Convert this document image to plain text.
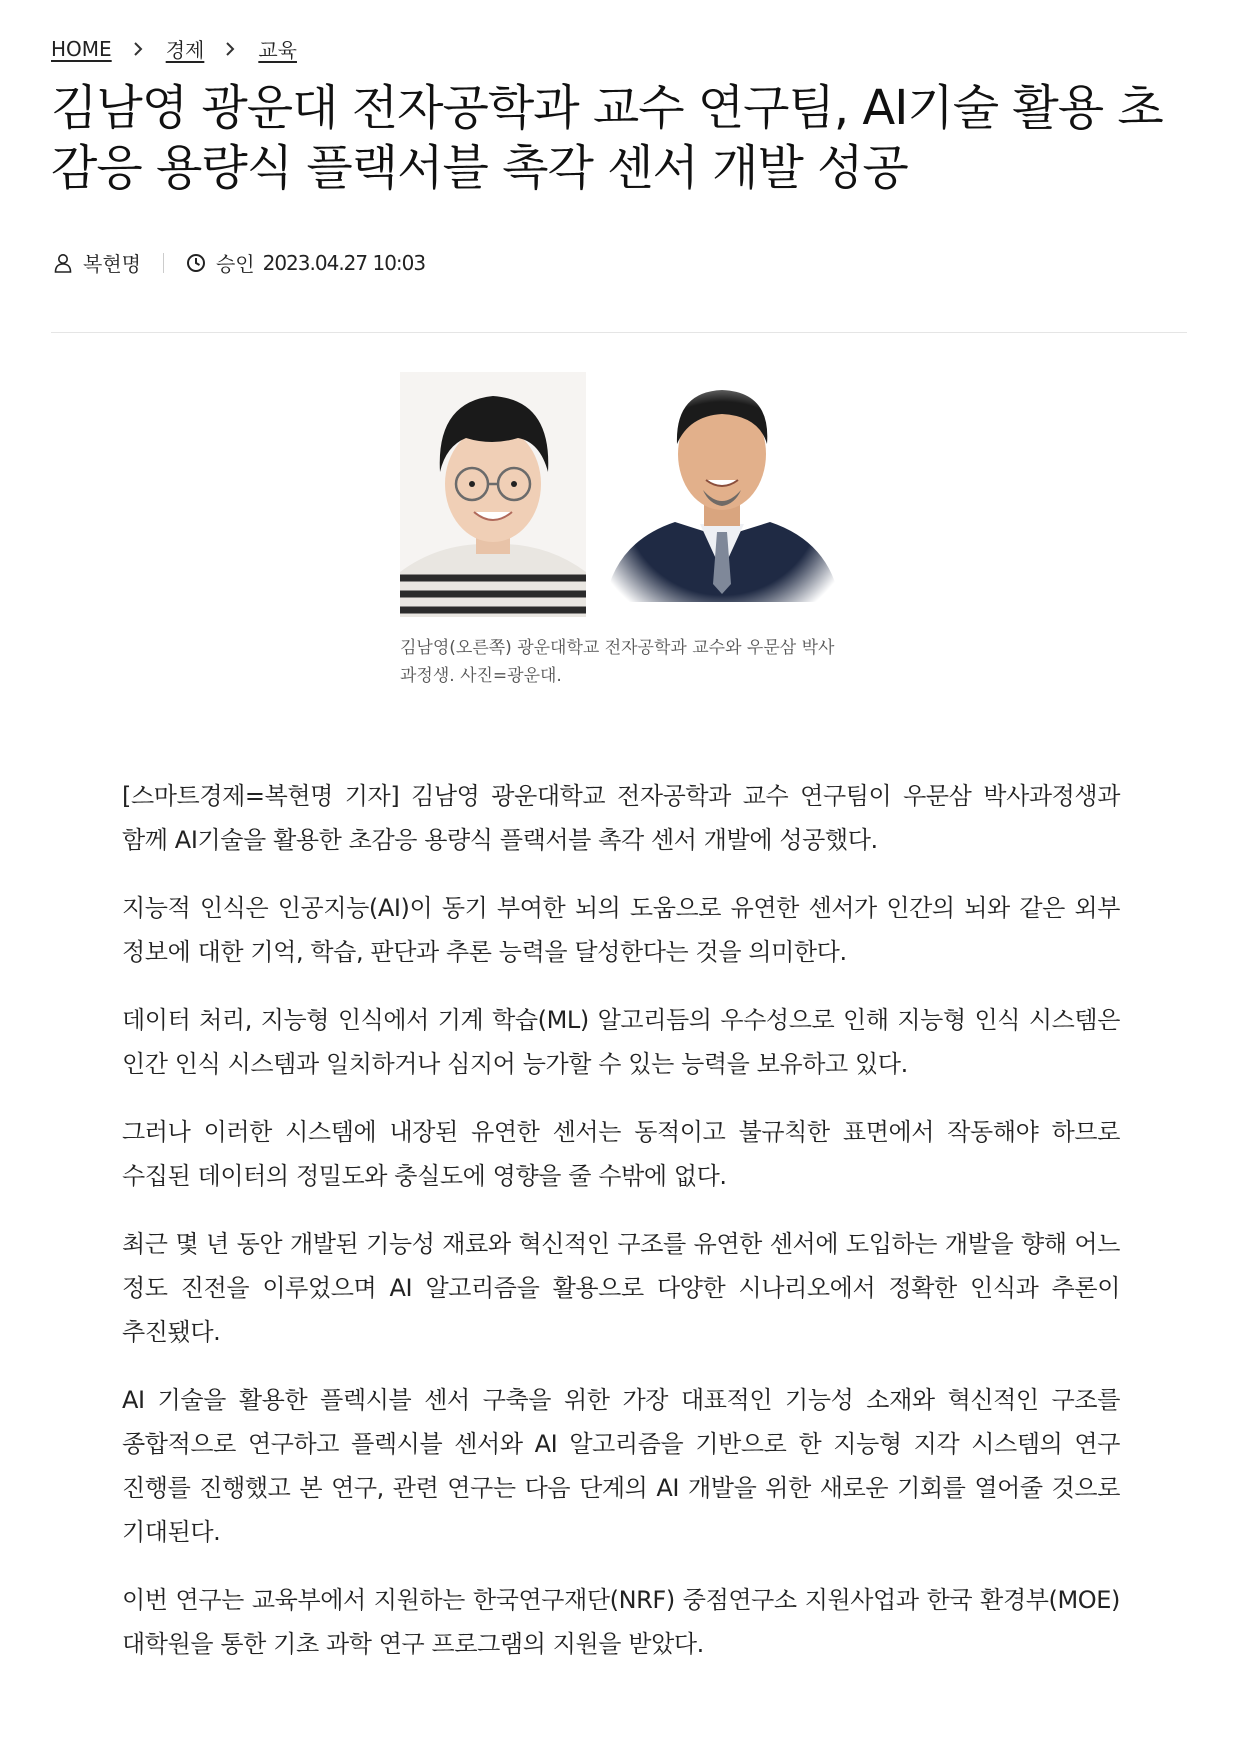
HOME	경제	교육
김남영 광운대 전자공학과 교수 연구팀, AI기술 활용 초감응 용량식 플랙서블 촉각 센서 개발 성공
복현명	승인 2023.04.27 10:03

김남영(오른쪽) 광운대학교 전자공학과 교수와 우문삼 박사과정생. 사진=광운대.

[스마트경제=복현명 기자] 김남영 광운대학교 전자공학과 교수 연구팀이 우문삼 박사과정생과 함께 AI기술을 활용한 초감응 용량식 플랙서블 촉각 센서 개발에 성공했다.

지능적 인식은 인공지능(AI)이 동기 부여한 뇌의 도움으로 유연한 센서가 인간의 뇌와 같은 외부 정보에 대한 기억, 학습, 판단과 추론 능력을 달성한다는 것을 의미한다.

데이터 처리, 지능형 인식에서 기계 학습(ML) 알고리듬의 우수성으로 인해 지능형 인식 시스템은 인간 인식 시스템과 일치하거나 심지어 능가할 수 있는 능력을 보유하고 있다.

그러나 이러한 시스템에 내장된 유연한 센서는 동적이고 불규칙한 표면에서 작동해야 하므로 수집된 데이터의 정밀도와 충실도에 영향을 줄 수밖에 없다.

최근 몇 년 동안 개발된 기능성 재료와 혁신적인 구조를 유연한 센서에 도입하는 개발을 향해 어느 정도 진전을 이루었으며 AI 알고리즘을 활용으로 다양한 시나리오에서 정확한 인식과 추론이 추진됐다.

AI 기술을 활용한 플렉시블 센서 구축을 위한 가장 대표적인 기능성 소재와 혁신적인 구조를 종합적으로 연구하고 플렉시블 센서와 AI 알고리즘을 기반으로 한 지능형 지각 시스템의 연구 진행를 진행했고 본 연구, 관련 연구는 다음 단계의 AI 개발을 위한 새로운 기회를 열어줄 것으로 기대된다.

이번 연구는 교육부에서 지원하는 한국연구재단(NRF) 중점연구소 지원사업과 한국 환경부(MOE) 대학원을 통한 기초 과학 연구 프로그램의 지원을 받았다.
